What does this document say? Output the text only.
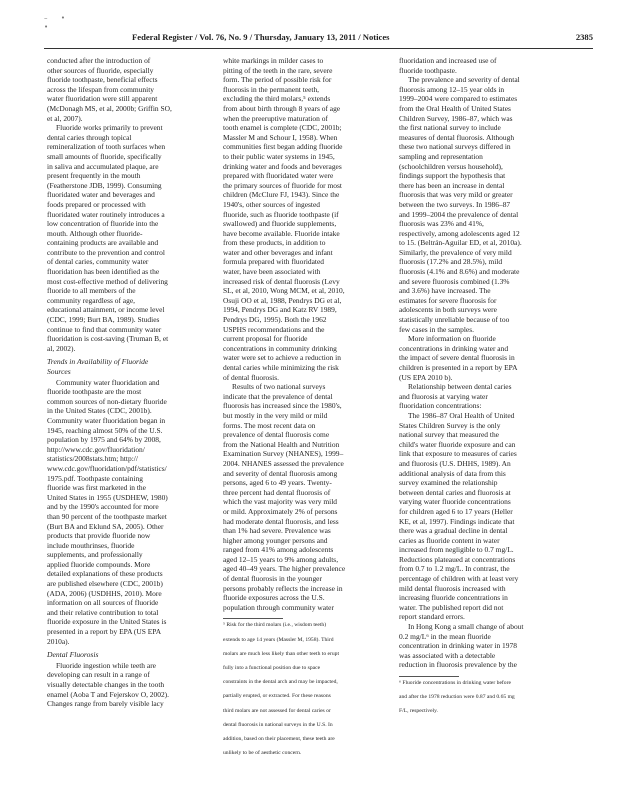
–      •
•
Federal Register / Vol. 76, No. 9 / Thursday, January 13, 2011 / Notices	2385

conducted after the introduction of
other sources of fluoride, especially
fluoride toothpaste, beneficial effects
across the lifespan from community
water fluoridation were still apparent
(McDonagh MS, et al, 2000b; Griffin SO,
et al, 2007).

Fluoride works primarily to prevent
dental caries through topical
remineralization of tooth surfaces when
small amounts of fluoride, specifically
in saliva and accumulated plaque, are
present frequently in the mouth
(Featherstone JDB, 1999). Consuming
fluoridated water and beverages and
foods prepared or processed with
fluoridated water routinely introduces a
low concentration of fluoride into the
mouth. Although other fluoride-
containing products are available and
contribute to the prevention and control
of dental caries, community water
fluoridation has been identified as the
most cost-effective method of delivering
fluoride to all members of the
community regardless of age,
educational attainment, or income level
(CDC, 1999; Burt BA, 1989). Studies
continue to find that community water
fluoridation is cost-saving (Truman B, et
al, 2002).

Trends in Availability of Fluoride
Sources

Community water fluoridation and
fluoride toothpaste are the most
common sources of non-dietary fluoride
in the United States (CDC, 2001b).
Community water fluoridation began in
1945, reaching almost 50% of the U.S.
population by 1975 and 64% by 2008,
http://www.cdc.gov/fluoridation/
statistics/2008stats.htm; http://
www.cdc.gov/fluoridation/pdf/statistics/
1975.pdf. Toothpaste containing
fluoride was first marketed in the
United States in 1955 (USDHEW, 1980)
and by the 1990's accounted for more
than 90 percent of the toothpaste market
(Burt BA and Eklund SA, 2005). Other
products that provide fluoride now
include mouthrinses, fluoride
supplements, and professionally
applied fluoride compounds. More
detailed explanations of these products
are published elsewhere (CDC, 2001b)
(ADA, 2006) (USDHHS, 2010). More
information on all sources of fluoride
and their relative contribution to total
fluoride exposure in the United States is
presented in a report by EPA (US EPA
2010a).

Dental Fluorosis

Fluoride ingestion while teeth are
developing can result in a range of
visually detectable changes in the tooth
enamel (Aoba T and Fejerskov O, 2002).
Changes range from barely visible lacy

white markings in milder cases to
pitting of the teeth in the rare, severe
form. The period of possible risk for
fluorosis in the permanent teeth,
excluding the third molars,⁵ extends
from about birth through 8 years of age
when the preeruptive maturation of
tooth enamel is complete (CDC, 2001b;
Massler M and Schour I, 1958). When
communities first began adding fluoride
to their public water systems in 1945,
drinking water and foods and beverages
prepared with fluoridated water were
the primary sources of fluoride for most
children (McClure FJ, 1943). Since the
1940's, other sources of ingested
fluoride, such as fluoride toothpaste (if
swallowed) and fluoride supplements,
have become available. Fluoride intake
from these products, in addition to
water and other beverages and infant
formula prepared with fluoridated
water, have been associated with
increased risk of dental fluorosis (Levy
SL, et al, 2010, Wong MCM, et al, 2010,
Osuji OO et al, 1988, Pendrys DG et al,
1994, Pendrys DG and Katz RV 1989,
Pendrys DG, 1995). Both the 1962
USPHS recommendations and the
current proposal for fluoride
concentrations in community drinking
water were set to achieve a reduction in
dental caries while minimizing the risk
of dental fluorosis.

Results of two national surveys
indicate that the prevalence of dental
fluorosis has increased since the 1980's,
but mostly in the very mild or mild
forms. The most recent data on
prevalence of dental fluorosis come
from the National Health and Nutrition
Examination Survey (NHANES), 1999–
2004. NHANES assessed the prevalence
and severity of dental fluorosis among
persons, aged 6 to 49 years. Twenty-
three percent had dental fluorosis of
which the vast majority was very mild
or mild. Approximately 2% of persons
had moderate dental fluorosis, and less
than 1% had severe. Prevalence was
higher among younger persons and
ranged from 41% among adolescents
aged 12–15 years to 9% among adults,
aged 40–49 years. The higher prevalence
of dental fluorosis in the younger
persons probably reflects the increase in
fluoride exposures across the U.S.
population through community water

⁵ Risk for the third molars (i.e., wisdom teeth)

extends to age 14 years (Massler M, 1958). Third

molars are much less likely than other teeth to erupt

fully into a functional position due to space

constraints in the dental arch and may be impacted,

partially erupted, or extracted. For these reasons

third molars are not assessed for dental caries or

dental fluorosis in national surveys in the U.S. In

addition, based on their placement, these teeth are

unlikely to be of aesthetic concern.

fluoridation and increased use of
fluoride toothpaste.

The prevalence and severity of dental
fluorosis among 12–15 year olds in
1999–2004 were compared to estimates
from the Oral Health of United States
Children Survey, 1986–87, which was
the first national survey to include
measures of dental fluorosis. Although
these two national surveys differed in
sampling and representation
(schoolchildren versus household),
findings support the hypothesis that
there has been an increase in dental
fluorosis that was very mild or greater
between the two surveys. In 1986–87
and 1999–2004 the prevalence of dental
fluorosis was 23% and 41%,
respectively, among adolescents aged 12
to 15. (Beltrán-Aguilar ED, et al, 2010a).
Similarly, the prevalence of very mild
fluorosis (17.2% and 28.5%), mild
fluorosis (4.1% and 8.6%) and moderate
and severe fluorosis combined (1.3%
and 3.6%) have increased. The
estimates for severe fluorosis for
adolescents in both surveys were
statistically unreliable because of too
few cases in the samples.

More information on fluoride
concentrations in drinking water and
the impact of severe dental fluorosis in
children is presented in a report by EPA
(US EPA 2010 b).

Relationship between dental caries
and fluorosis at varying water
fluoridation concentrations:

The 1986–87 Oral Health of United
States Children Survey is the only
national survey that measured the
child's water fluoride exposure and can
link that exposure to measures of caries
and fluorosis (U.S. DHHS, 1989). An
additional analysis of data from this
survey examined the relationship
between dental caries and fluorosis at
varying water fluoride concentrations
for children aged 6 to 17 years (Heller
KE, et al, 1997). Findings indicate that
there was a gradual decline in dental
caries as fluoride content in water
increased from negligible to 0.7 mg/L.
Reductions plateaued at concentrations
from 0.7 to 1.2 mg/L. In contrast, the
percentage of children with at least very
mild dental fluorosis increased with
increasing fluoride concentrations in
water. The published report did not
report standard errors.

In Hong Kong a small change of about
0.2 mg/L⁶ in the mean fluoride
concentration in drinking water in 1978
was associated with a detectable
reduction in fluorosis prevalence by the

⁶ Fluoride concentrations in drinking water before

and after the 1978 reduction were 0.87 and 0.65 mg

F/L, respectively.
